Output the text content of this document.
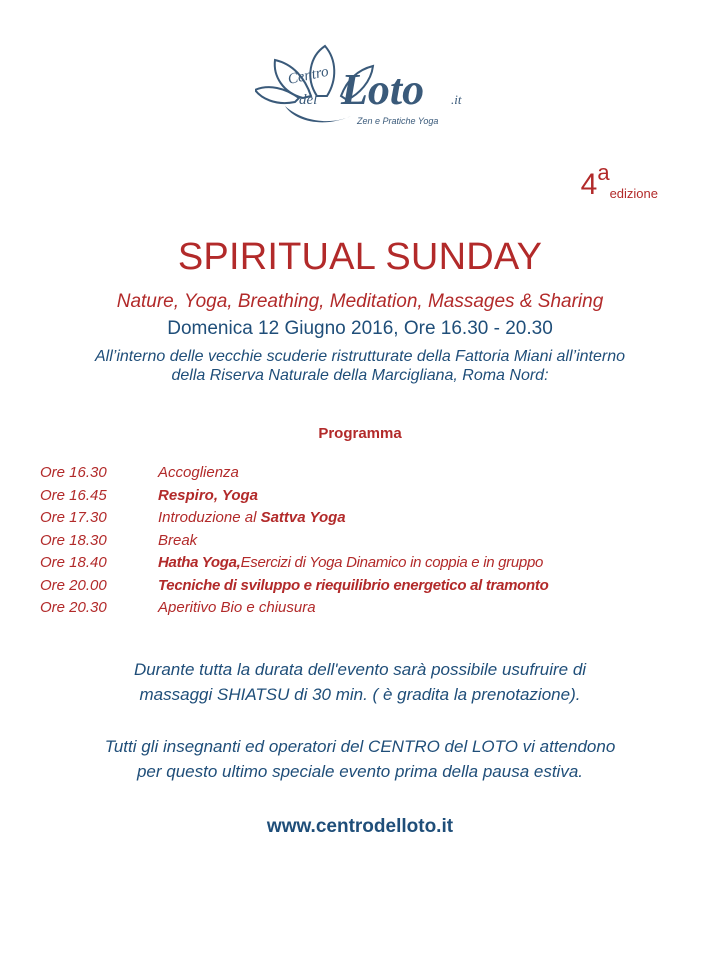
Centro
del Loto .it
Zen e Pratiche Yoga
$4a_{edizione}$
SPIRITUAL SUNDAY
Nature, Yoga, Breathing, Meditation, Massages & Sharing
Domenica 12 Giugno 2016, Ore 16.30 - 20.30
All’interno delle vecchie scuderie ristrutturate della Fattoria Miani all’interno
della Riserva Naturale della Marcigliana, Roma Nord:
Programma
Ore 16.30	Accoglienza
Ore 16.45	Respiro, Yoga
Ore 17.30	Introduzione al Sattva Yoga
Ore 18.30	Break
Ore 18.40	Hatha Yoga,Esercizi di Yoga Dinamico in coppia e in gruppo
Ore 20.00	Tecniche di sviluppo e riequilibrio energetico al tramonto
Ore 20.30	Aperitivo Bio e chiusura
Durante tutta la durata dell'evento sarà possibile usufruire di
massaggi SHIATSU di 30 min. ( è gradita la prenotazione).
Tutti gli insegnanti ed operatori del CENTRO del LOTO vi attendono
per questo ultimo speciale evento prima della pausa estiva.
www.centrodelloto.it
